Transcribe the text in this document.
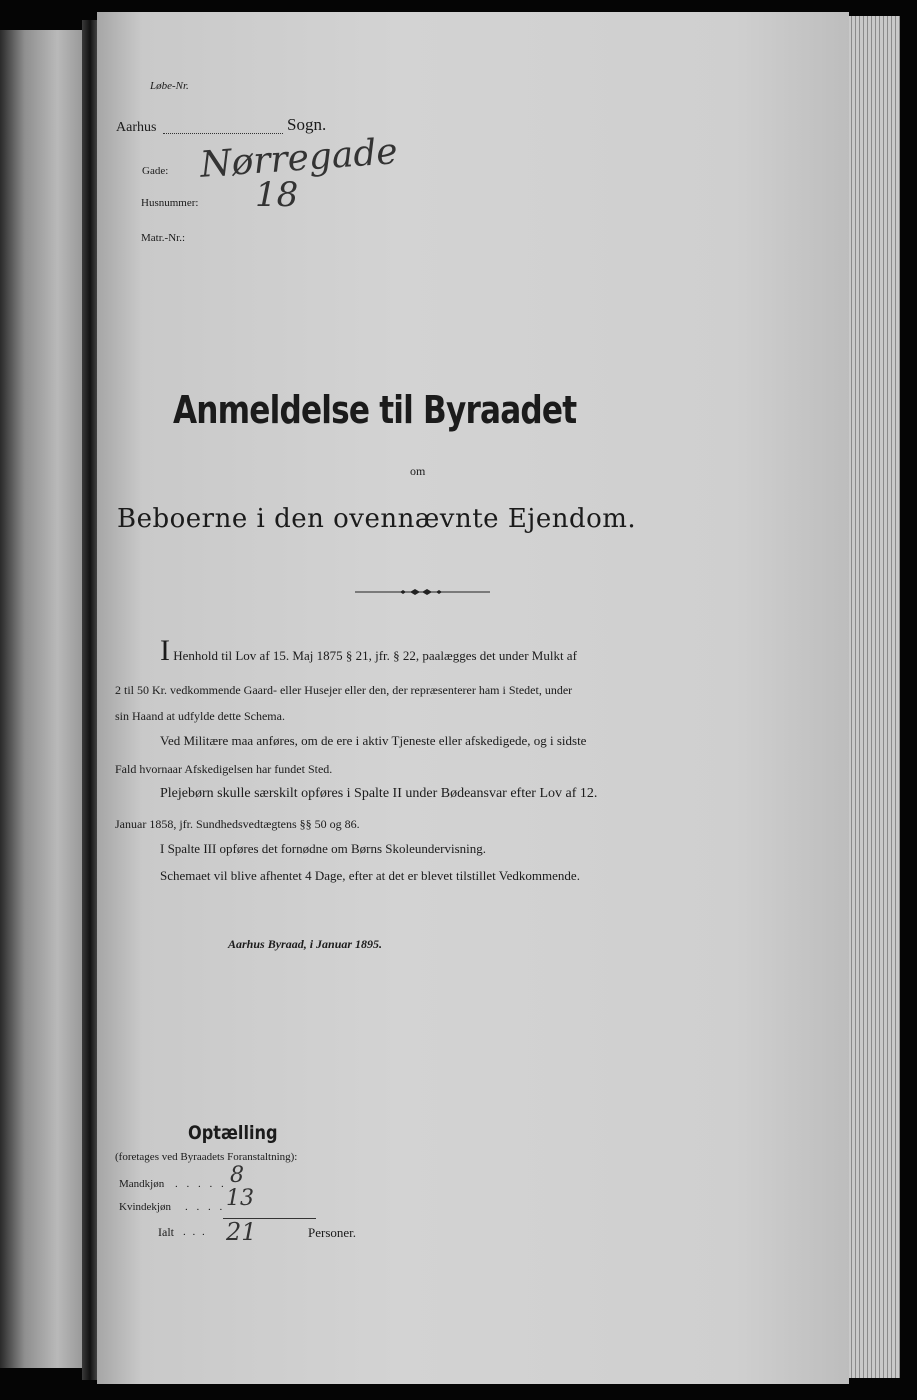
Løbe-Nr.
Aarhus	Sogn.
Gade: Nørregade
Husnummer: 18
Matr.-Nr.:
Anmeldelse til Byraadet
om
Beboerne i den ovennævnte Ejendom.
I Henhold til Lov af 15. Maj 1875 § 21, jfr. § 22, paalægges det under Mulkt af
2 til 50 Kr. vedkommende Gaard- eller Husejer eller den, der repræsenterer ham i Stedet, under
sin Haand at udfylde dette Schema.
Ved Militære maa anføres, om de ere i aktiv Tjeneste eller afskedigede, og i sidste
Fald hvornaar Afskedigelsen har fundet Sted.
Plejebørn skulle særskilt opføres i Spalte II under Bødeansvar efter Lov af 12.
Januar 1858, jfr. Sundhedsvedtægtens §§ 50 og 86.
I Spalte III opføres det fornødne om Børns Skoleundervisning.
Schemaet vil blive afhentet 4 Dage, efter at det er blevet tilstillet Vedkommende.
Aarhus Byraad, i Januar 1895.
Optælling
(foretages ved Byraadets Foranstaltning):
Mandkjøn . . . . . 8
Kvindekjøn . . . . 13
Ialt . . . 21	Personer.
